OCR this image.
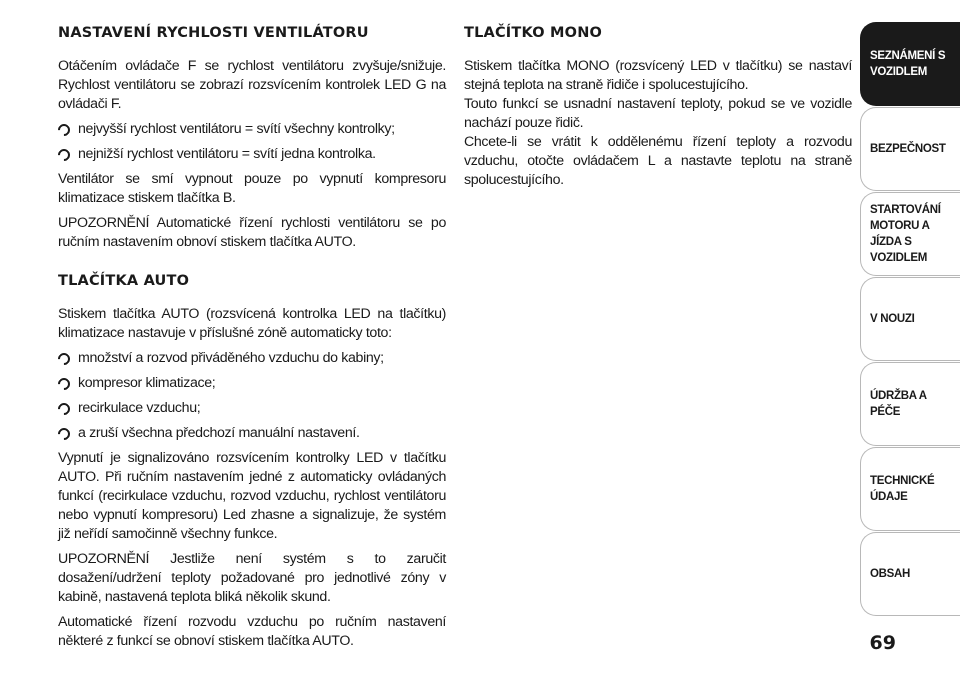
NASTAVENÍ RYCHLOSTI VENTILÁTORU

Otáčením ovládače F se rychlost ventilátoru zvyšuje/snižuje. Rychlost ventilátoru se zobrazí rozsvícením kontrolek LED G na ovládači F.

nejvyšší rychlost ventilátoru = svítí všechny kontrolky;
nejnižší rychlost ventilátoru = svítí jedna kontrolka.

Ventilátor se smí vypnout pouze po vypnutí kompresoru klimatizace stiskem tlačítka B.

UPOZORNĚNÍ Automatické řízení rychlosti ventilátoru se po ručním nastavením obnoví stiskem tlačítka AUTO.

TLAČÍTKA AUTO

Stiskem tlačítka AUTO (rozsvícená kontrolka LED na tlačítku) klimatizace nastavuje v příslušné zóně automaticky toto:

množství a rozvod přiváděného vzduchu do kabiny;
kompresor klimatizace;
recirkulace vzduchu;
a zruší všechna předchozí manuální nastavení.

Vypnutí je signalizováno rozsvícením kontrolky LED v tlačítku AUTO. Při ručním nastavením jedné z automaticky ovládaných funkcí (recirkulace vzduchu, rozvod vzduchu, rychlost ventilátoru nebo vypnutí kompresoru) Led zhasne a signalizuje, že systém již neřídí samočinně všechny funkce.

UPOZORNĚNÍ Jestliže není systém s to zaručit dosažení/udržení teploty požadované pro jednotlivé zóny v kabině, nastavená teplota bliká několik skund.

Automatické řízení rozvodu vzduchu po ručním nastavení některé z funkcí se obnoví stiskem tlačítka AUTO.

TLAČÍTKO MONO

Stiskem tlačítka MONO (rozsvícený LED v tlačítku) se nastaví stejná teplota na straně řidiče i spolucestujícího.

Touto funkcí se usnadní nastavení teploty, pokud se ve vozidle nachází pouze řidič.

Chcete-li se vrátit k oddělenému řízení teploty a rozvodu vzduchu, otočte ovládačem L a nastavte teplotu na straně spolucestujícího.

SEZNÁMENÍ S VOZIDLEM
BEZPEČNOST
STARTOVÁNÍ MOTORU A JÍZDA S VOZIDLEM
V NOUZI
ÚDRŽBA A PÉČE
TECHNICKÉ ÚDAJE
OBSAH
69
